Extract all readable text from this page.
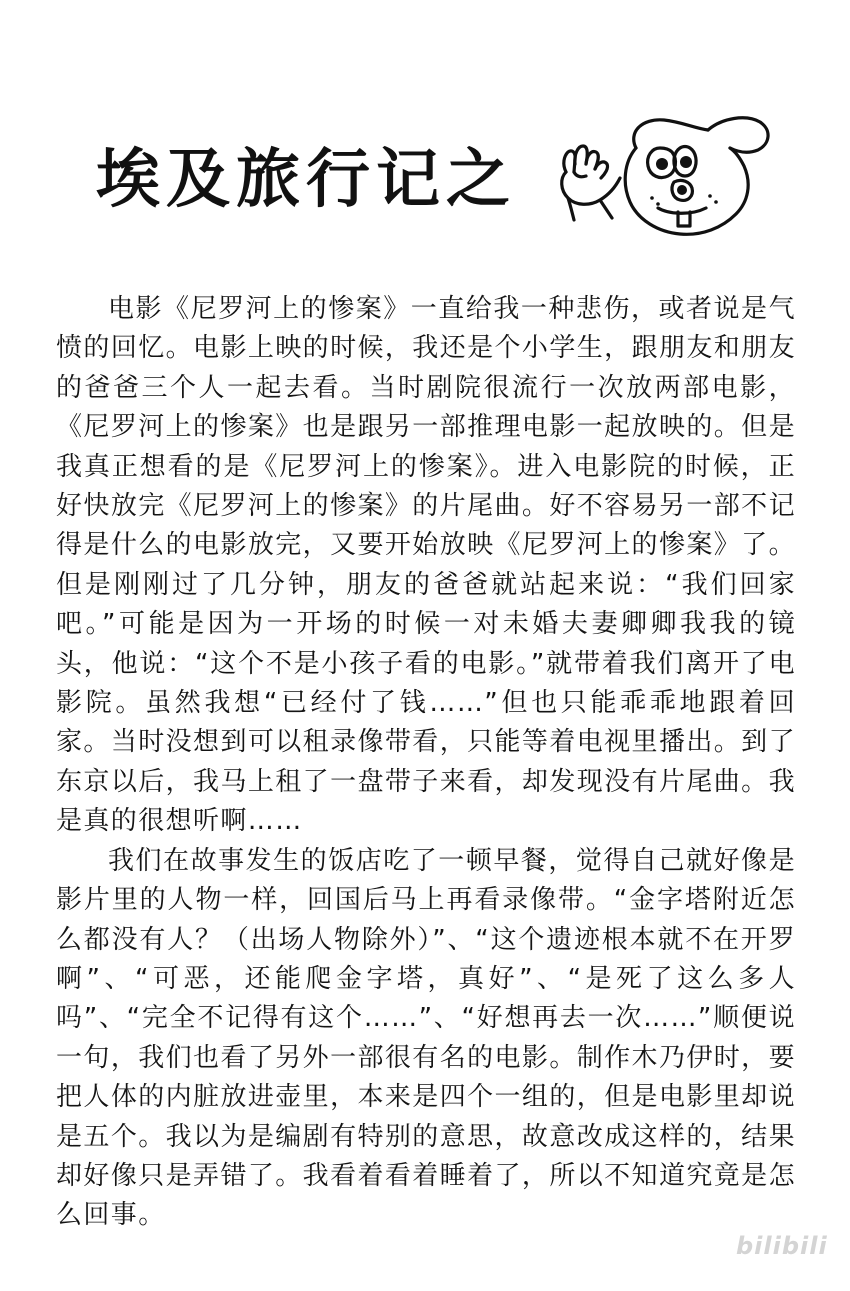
埃及旅行记之

电影《尼罗河上的惨案》一直给我一种悲伤，或者说是气愤的回忆。电影上映的时候，我还是个小学生，跟朋友和朋友的爸爸三个人一起去看。当时剧院很流行一次放两部电影，《尼罗河上的惨案》也是跟另一部推理电影一起放映的。但是我真正想看的是《尼罗河上的惨案》。进入电影院的时候，正好快放完《尼罗河上的惨案》的片尾曲。好不容易另一部不记得是什么的电影放完，又要开始放映《尼罗河上的惨案》了。但是刚刚过了几分钟，朋友的爸爸就站起来说：“我们回家吧。”可能是因为一开场的时候一对未婚夫妻卿卿我我的镜头，他说：“这个不是小孩子看的电影。”就带着我们离开了电影院。虽然我想“已经付了钱……”但也只能乖乖地跟着回家。当时没想到可以租录像带看，只能等着电视里播出。到了东京以后，我马上租了一盘带子来看，却发现没有片尾曲。我是真的很想听啊……

我们在故事发生的饭店吃了一顿早餐，觉得自己就好像是影片里的人物一样，回国后马上再看录像带。“金字塔附近怎么都没有人？（出场人物除外）”、“这个遗迹根本就不在开罗啊”、“可恶，还能爬金字塔，真好”、“是死了这么多人吗”、“完全不记得有这个……”、“好想再去一次……”顺便说一句，我们也看了另外一部很有名的电影。制作木乃伊时，要把人体的内脏放进壶里，本来是四个一组的，但是电影里却说是五个。我以为是编剧有特别的意思，故意改成这样的，结果却好像只是弄错了。我看着看着睡着了，所以不知道究竟是怎么回事。

bilibili
